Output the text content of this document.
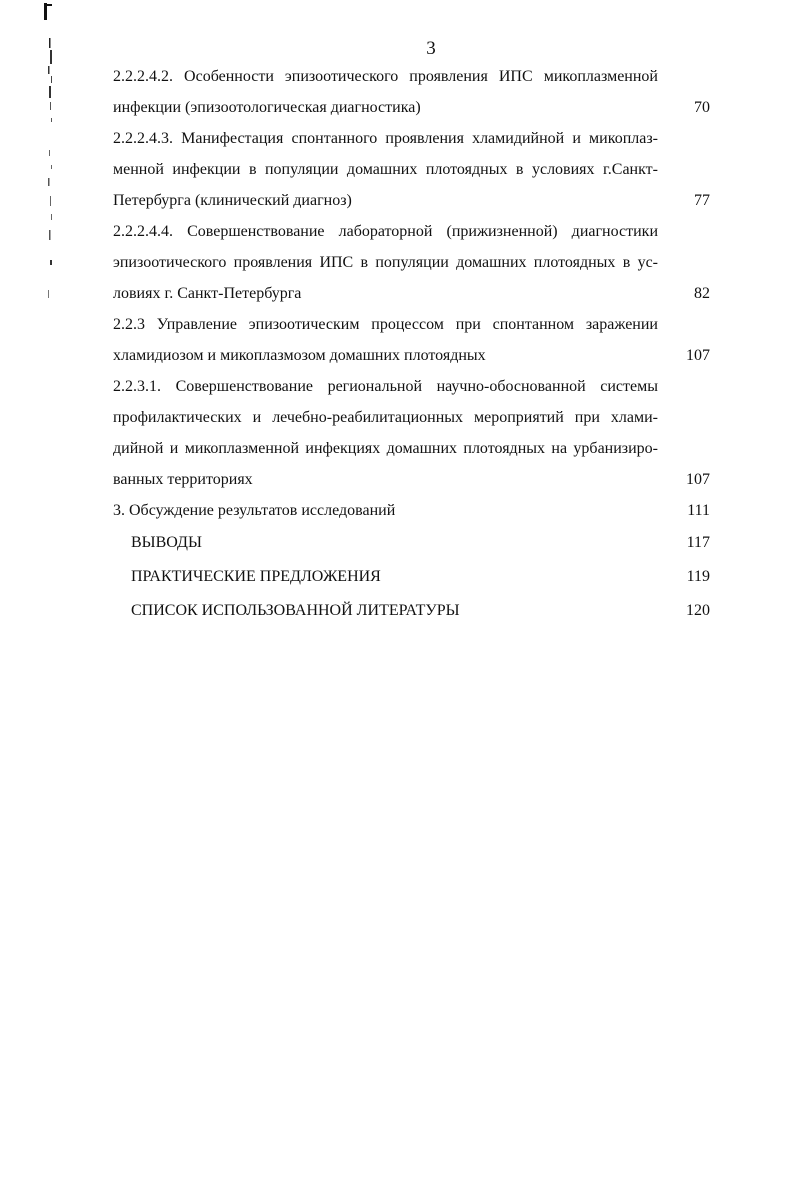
3
2.2.2.4.2. Особенности эпизоотического проявления ИПС микоплазменной
инфекции (эпизоотологическая диагностика)	70
2.2.2.4.3. Манифестация спонтанного проявления хламидийной и микоплаз-
менной инфекции в популяции домашних плотоядных в условиях г.Санкт-
Петербурга (клинический диагноз)	77
2.2.2.4.4. Совершенствование лабораторной (прижизненной) диагностики
эпизоотического проявления ИПС в популяции домашних плотоядных в ус-
ловиях г. Санкт-Петербурга	82
2.2.3 Управление эпизоотическим процессом при спонтанном заражении
хламидиозом и микоплазмозом домашних плотоядных	107
2.2.3.1. Совершенствование региональной научно-обоснованной системы
профилактических и лечебно-реабилитационных мероприятий при хлами-
дийной и микоплазменной инфекциях домашних плотоядных на урбанизиро-
ванных территориях	107
3. Обсуждение результатов исследований	111
ВЫВОДЫ	117
ПРАКТИЧЕСКИЕ ПРЕДЛОЖЕНИЯ	119
СПИСОК ИСПОЛЬЗОВАННОЙ ЛИТЕРАТУРЫ	120
